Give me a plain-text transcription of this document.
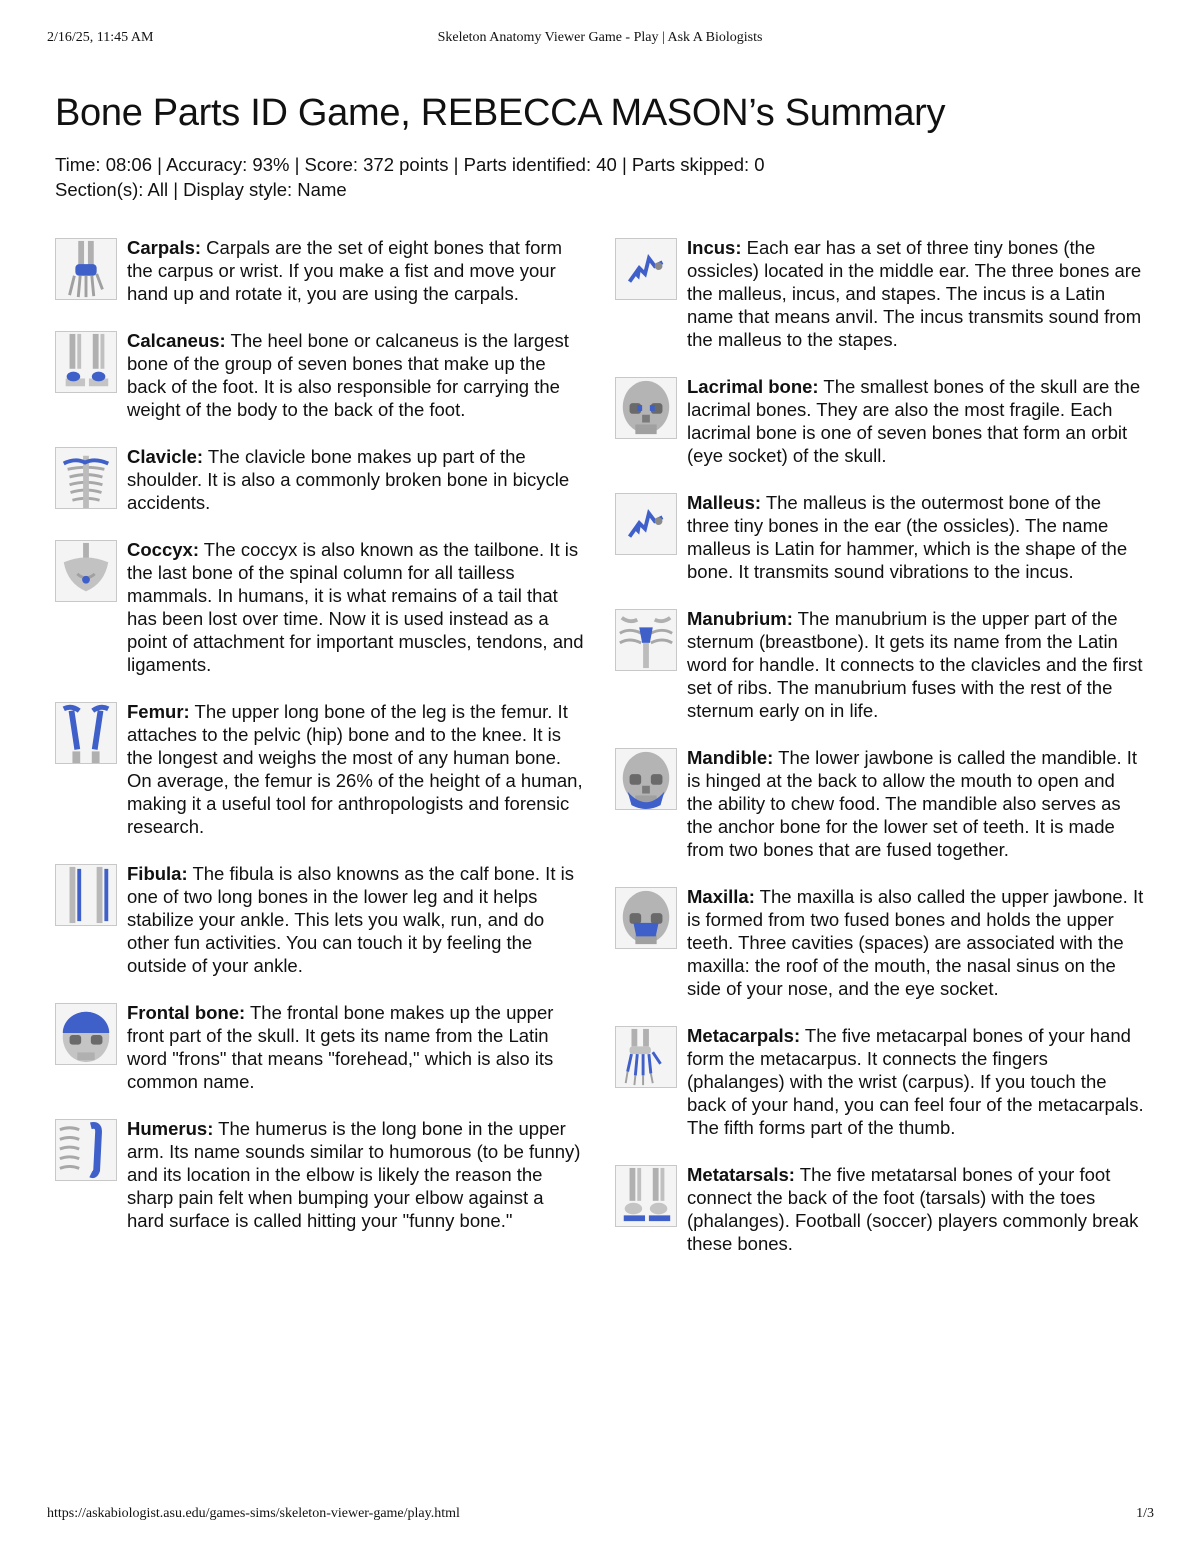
2/16/25, 11:45 AM	Skeleton Anatomy Viewer Game - Play | Ask A Biologists
Bone Parts ID Game, REBECCA MASON’s Summary
Time: 08:06 | Accuracy: 93% | Score: 372 points | Parts identified: 40 | Parts skipped: 0
Section(s): All | Display style: Name
Carpals: Carpals are the set of eight bones that form the carpus or wrist. If you make a fist and move your hand up and rotate it, you are using the carpals.
Calcaneus: The heel bone or calcaneus is the largest bone of the group of seven bones that make up the back of the foot. It is also responsible for carrying the weight of the body to the back of the foot.
Clavicle: The clavicle bone makes up part of the shoulder. It is also a commonly broken bone in bicycle accidents.
Coccyx: The coccyx is also known as the tailbone. It is the last bone of the spinal column for all tailless mammals. In humans, it is what remains of a tail that has been lost over time. Now it is used instead as a point of attachment for important muscles, tendons, and ligaments.
Femur: The upper long bone of the leg is the femur. It attaches to the pelvic (hip) bone and to the knee. It is the longest and weighs the most of any human bone. On average, the femur is 26% of the height of a human, making it a useful tool for anthropologists and forensic research.
Fibula: The fibula is also knowns as the calf bone. It is one of two long bones in the lower leg and it helps stabilize your ankle. This lets you walk, run, and do other fun activities. You can touch it by feeling the outside of your ankle.
Frontal bone: The frontal bone makes up the upper front part of the skull. It gets its name from the Latin word "frons" that means "forehead," which is also its common name.
Humerus: The humerus is the long bone in the upper arm. Its name sounds similar to humorous (to be funny) and its location in the elbow is likely the reason the sharp pain felt when bumping your elbow against a hard surface is called hitting your "funny bone."
Incus: Each ear has a set of three tiny bones (the ossicles) located in the middle ear. The three bones are the malleus, incus, and stapes. The incus is a Latin name that means anvil. The incus transmits sound from the malleus to the stapes.
Lacrimal bone: The smallest bones of the skull are the lacrimal bones. They are also the most fragile. Each lacrimal bone is one of seven bones that form an orbit (eye socket) of the skull.
Malleus: The malleus is the outermost bone of the three tiny bones in the ear (the ossicles). The name malleus is Latin for hammer, which is the shape of the bone. It transmits sound vibrations to the incus.
Manubrium: The manubrium is the upper part of the sternum (breastbone). It gets its name from the Latin word for handle. It connects to the clavicles and the first set of ribs. The manubrium fuses with the rest of the sternum early on in life.
Mandible: The lower jawbone is called the mandible. It is hinged at the back to allow the mouth to open and the ability to chew food. The mandible also serves as the anchor bone for the lower set of teeth. It is made from two bones that are fused together.
Maxilla: The maxilla is also called the upper jawbone. It is formed from two fused bones and holds the upper teeth. Three cavities (spaces) are associated with the maxilla: the roof of the mouth, the nasal sinus on the side of your nose, and the eye socket.
Metacarpals: The five metacarpal bones of your hand form the metacarpus. It connects the fingers (phalanges) with the wrist (carpus). If you touch the back of your hand, you can feel four of the metacarpals. The fifth forms part of the thumb.
Metatarsals: The five metatarsal bones of your foot connect the back of the foot (tarsals) with the toes (phalanges). Football (soccer) players commonly break these bones.
https://askabiologist.asu.edu/games-sims/skeleton-viewer-game/play.html	1/3
